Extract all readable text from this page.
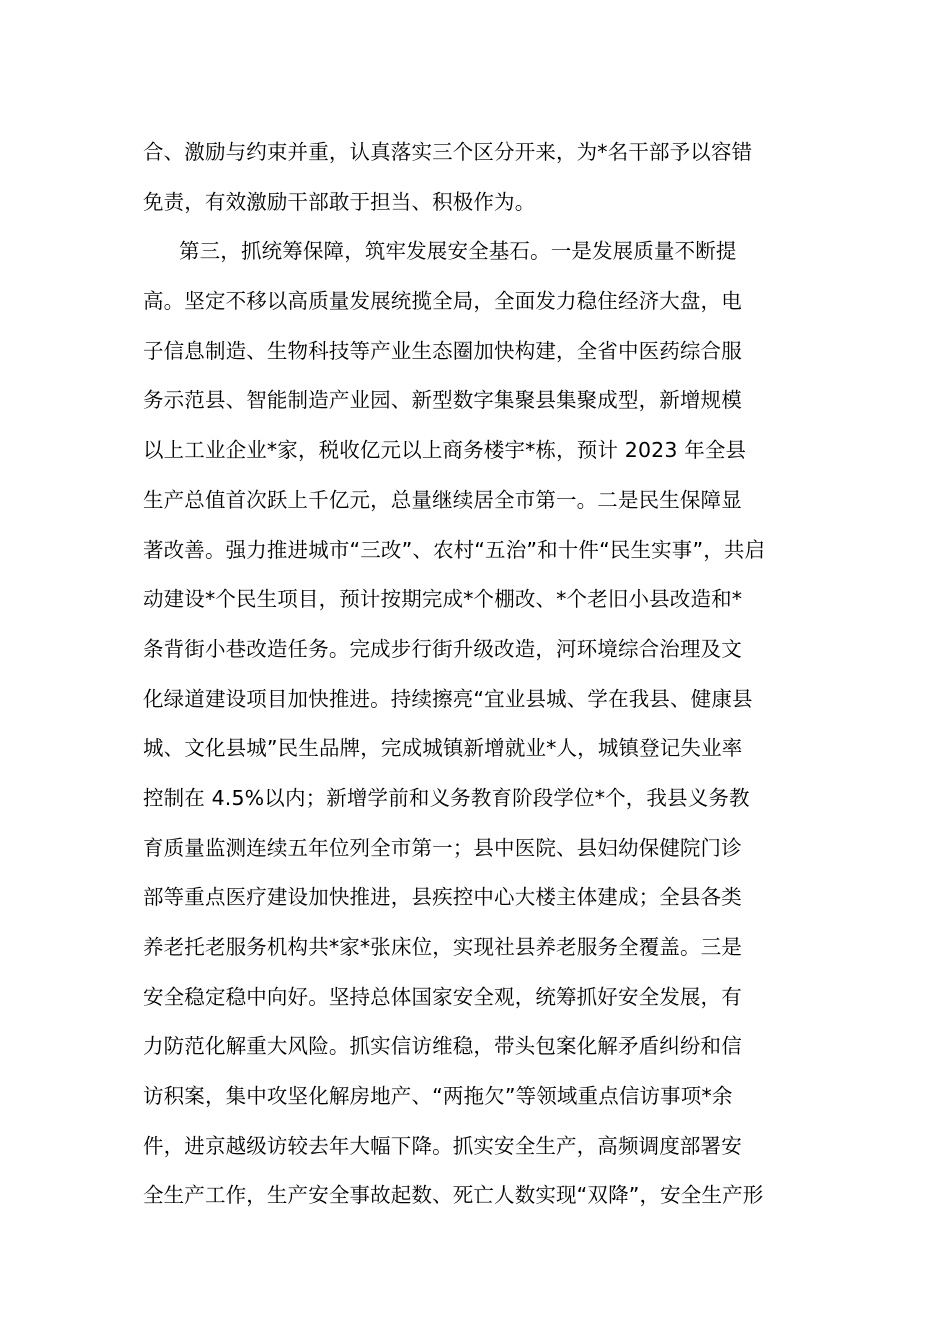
合、激励与约束并重，认真落实三个区分开来，为*名干部予以容错
免责，有效激励干部敢于担当、积极作为。
第三，抓统筹保障，筑牢发展安全基石。一是发展质量不断提
高。坚定不移以高质量发展统揽全局，全面发力稳住经济大盘，电
子信息制造、生物科技等产业生态圈加快构建，全省中医药综合服
务示范县、智能制造产业园、新型数字集聚县集聚成型，新增规模
以上工业企业*家，税收亿元以上商务楼宇*栋，预计 2023 年全县
生产总值首次跃上千亿元，总量继续居全市第一。二是民生保障显
著改善。强力推进城市“三改”、农村“五治”和十件“民生实事”，共启
动建设*个民生项目，预计按期完成*个棚改、*个老旧小县改造和*
条背街小巷改造任务。完成步行街升级改造，河环境综合治理及文
化绿道建设项目加快推进。持续擦亮“宜业县城、学在我县、健康县
城、文化县城”民生品牌，完成城镇新增就业*人，城镇登记失业率
控制在 4.5%以内；新增学前和义务教育阶段学位*个，我县义务教
育质量监测连续五年位列全市第一；县中医院、县妇幼保健院门诊
部等重点医疗建设加快推进，县疾控中心大楼主体建成；全县各类
养老托老服务机构共*家*张床位，实现社县养老服务全覆盖。三是
安全稳定稳中向好。坚持总体国家安全观，统筹抓好安全发展，有
力防范化解重大风险。抓实信访维稳，带头包案化解矛盾纠纷和信
访积案，集中攻坚化解房地产、“两拖欠”等领域重点信访事项*余
件，进京越级访较去年大幅下降。抓实安全生产，高频调度部署安
全生产工作，生产安全事故起数、死亡人数实现“双降”，安全生产形
